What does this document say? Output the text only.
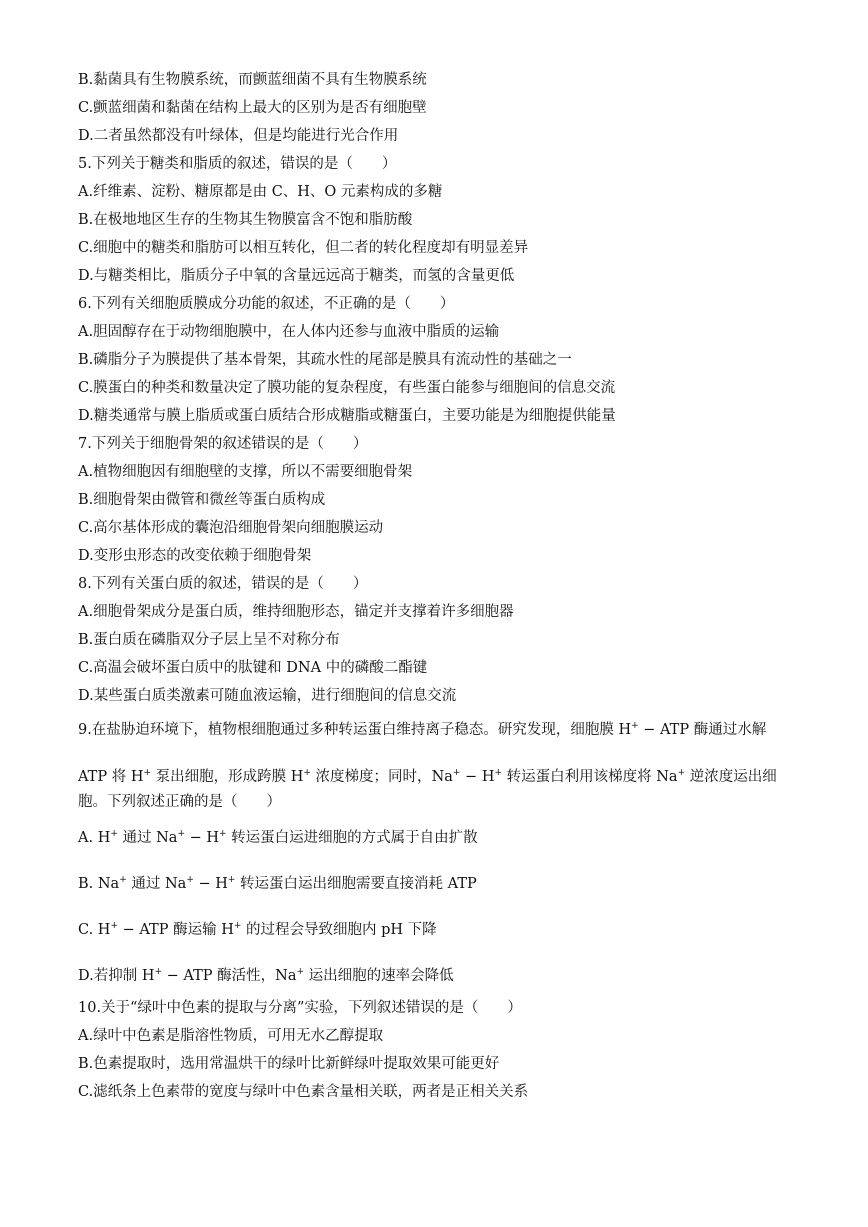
B.黏菌具有生物膜系统，而颤蓝细菌不具有生物膜系统
C.颤蓝细菌和黏菌在结构上最大的区别为是否有细胞壁
D.二者虽然都没有叶绿体，但是均能进行光合作用
5.下列关于糖类和脂质的叙述，错误的是（　　）
A.纤维素、淀粉、糖原都是由 C、H、O 元素构成的多糖
B.在极地地区生存的生物其生物膜富含不饱和脂肪酸
C.细胞中的糖类和脂肪可以相互转化，但二者的转化程度却有明显差异
D.与糖类相比，脂质分子中氧的含量远远高于糖类，而氢的含量更低
6.下列有关细胞质膜成分功能的叙述，不正确的是（　　）
A.胆固醇存在于动物细胞膜中，在人体内还参与血液中脂质的运输
B.磷脂分子为膜提供了基本骨架，其疏水性的尾部是膜具有流动性的基础之一
C.膜蛋白的种类和数量决定了膜功能的复杂程度，有些蛋白能参与细胞间的信息交流
D.糖类通常与膜上脂质或蛋白质结合形成糖脂或糖蛋白，主要功能是为细胞提供能量
7.下列关于细胞骨架的叙述错误的是（　　）
A.植物细胞因有细胞壁的支撑，所以不需要细胞骨架
B.细胞骨架由微管和微丝等蛋白质构成
C.高尔基体形成的囊泡沿细胞骨架向细胞膜运动
D.变形虫形态的改变依赖于细胞骨架
8.下列有关蛋白质的叙述，错误的是（　　）
A.细胞骨架成分是蛋白质，维持细胞形态，锚定并支撑着许多细胞器
B.蛋白质在磷脂双分子层上呈不对称分布
C.高温会破坏蛋白质中的肽键和 DNA 中的磷酸二酯键
D.某些蛋白质类激素可随血液运输，进行细胞间的信息交流
9.在盐胁迫环境下，植物根细胞通过多种转运蛋白维持离子稳态。研究发现，细胞膜 H+ − ATP 酶通过水解
ATP 将 H+ 泵出细胞，形成跨膜 H+ 浓度梯度；同时，Na+ − H+ 转运蛋白利用该梯度将 Na+ 逆浓度运出细
胞。下列叙述正确的是（　　）
A. H+ 通过 Na+ − H+ 转运蛋白运进细胞的方式属于自由扩散
B. Na+ 通过 Na+ − H+ 转运蛋白运出细胞需要直接消耗 ATP
C. H+ − ATP 酶运输 H+ 的过程会导致细胞内 pH 下降
D.若抑制 H+ − ATP 酶活性，Na+ 运出细胞的速率会降低
10.关于“绿叶中色素的提取与分离”实验，下列叙述错误的是（　　）
A.绿叶中色素是脂溶性物质，可用无水乙醇提取
B.色素提取时，选用常温烘干的绿叶比新鲜绿叶提取效果可能更好
C.滤纸条上色素带的宽度与绿叶中色素含量相关联，两者是正相关关系
